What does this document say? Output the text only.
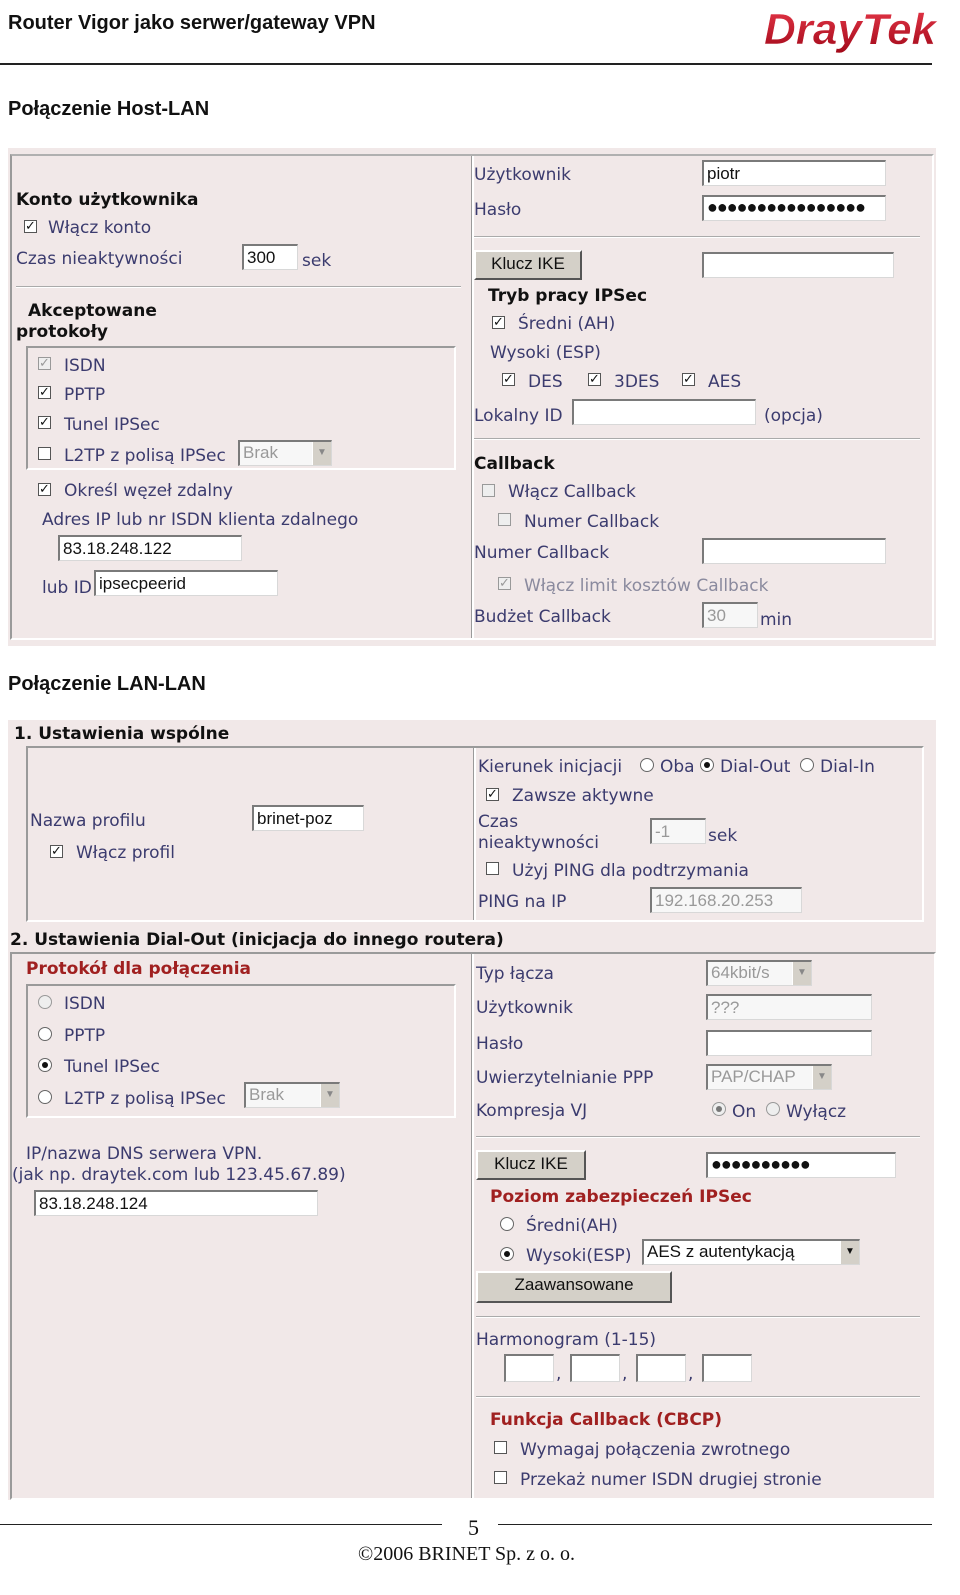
Router Vigor jako serwer/gateway VPN	DrayTek
Połączenie Host-LAN
Konto użytkownika
✓ Włącz konto
Czas nieaktywności	300	sek
Akceptowane
protokoły
✓ ISDN
✓ PPTP
✓ Tunel IPSec
L2TP z polisą IPSec Brak	▼
✓ Określ węzeł zdalny
Adres IP lub nr ISDN klienta zdalnego
83.18.248.122
lub ID ipsecpeerid
Użytkownik	piotr
Hasło	●●●●●●●●●●●●●●●●
Klucz IKE
Tryb pracy IPSec
✓ Średni (AH)
Wysoki (ESP)
✓ DES ✓ 3DES ✓ AES
Lokalny ID	(opcja)
Callback
Włącz Callback
Numer Callback
Numer Callback
✓ Włącz limit kosztów Callback
Budżet Callback	30	min
Połączenie LAN-LAN
1. Ustawienia wspólne
Nazwa profilu	brinet-poz
✓ Włącz profil
Kierunek inicjacji Oba Dial-Out Dial-In
✓ Zawsze aktywne
Czas
nieaktywności
-1	sek
Użyj PING dla podtrzymania
PING na IP	192.168.20.253
2. Ustawienia Dial-Out (inicjacja do innego routera)
Protokół dla połączenia
ISDN
PPTP
Tunel IPSec
L2TP z polisą IPSec Brak	▼
IP/nazwa DNS serwera VPN.
(jak np. draytek.com lub 123.45.67.89)
83.18.248.124
Typ łącza	64kbit/s	▼
Użytkownik	???
Hasło
Uwierzytelnianie PPP	PAP/CHAP	▼
Kompresja VJ	On Wyłącz
Klucz IKE	●●●●●●●●●●
Poziom zabezpieczeń IPSec
Średni(AH)
Wysoki(ESP) AES z autentykacją	▼
Zaawansowane
Harmonogram (1-15)
,	,	,
Funkcja Callback (CBCP)
Wymagaj połączenia zwrotnego
Przekaż numer ISDN drugiej stronie
5
©2006 BRINET Sp. z o. o.
